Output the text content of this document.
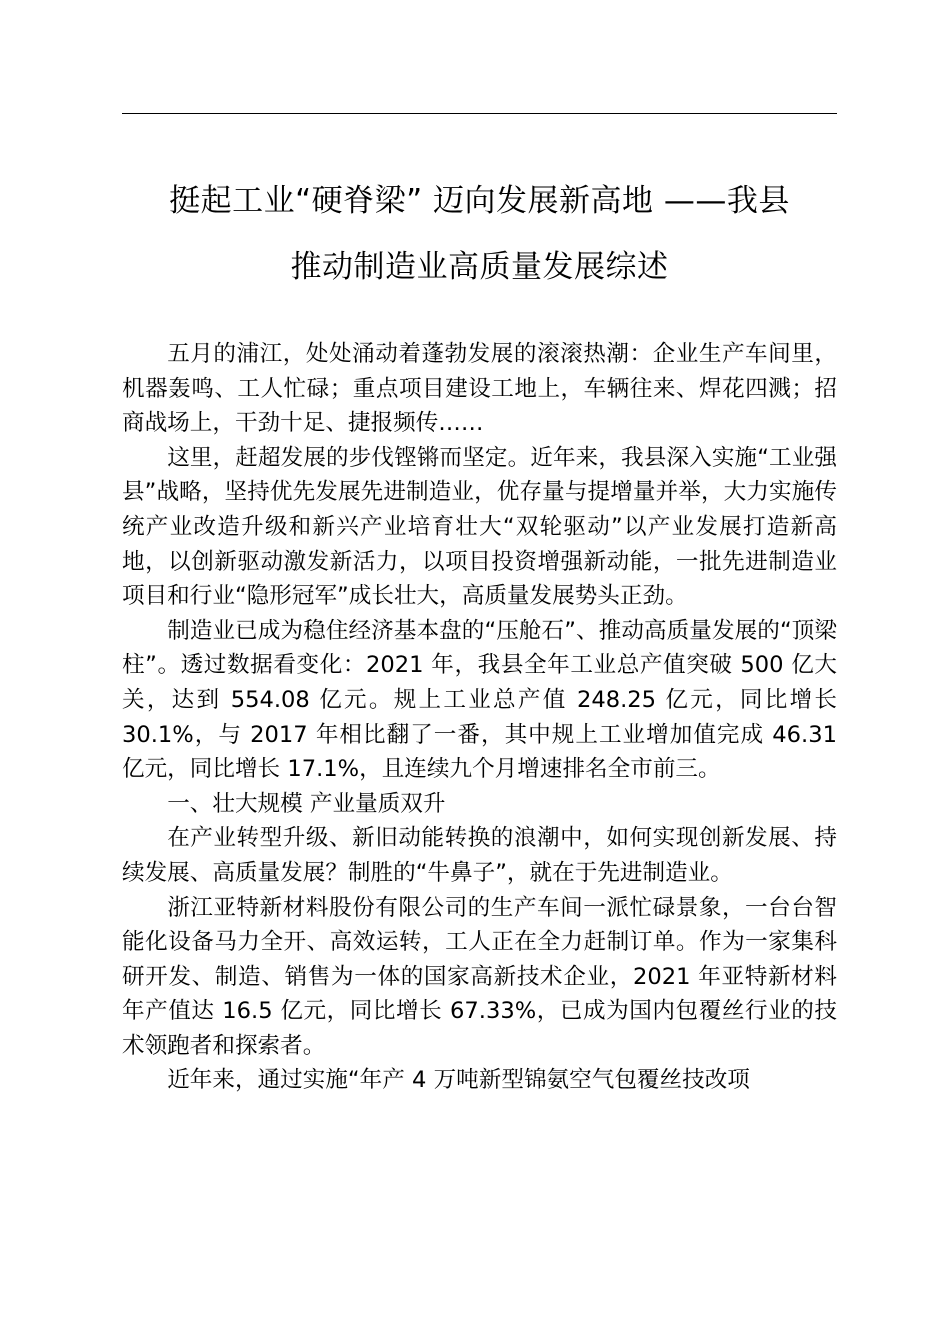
挺起工业“硬脊梁” 迈向发展新高地 ——我县
推动制造业高质量发展综述

五月的浦江，处处涌动着蓬勃发展的滚滚热潮：企业生产车间里，机器轰鸣、工人忙碌；重点项目建设工地上，车辆往来、焊花四溅；招商战场上，干劲十足、捷报频传……

这里，赶超发展的步伐铿锵而坚定。近年来，我县深入实施“工业强县”战略，坚持优先发展先进制造业，优存量与提增量并举，大力实施传统产业改造升级和新兴产业培育壮大“双轮驱动”以产业发展打造新高地，以创新驱动激发新活力，以项目投资增强新动能，一批先进制造业项目和行业“隐形冠军”成长壮大，高质量发展势头正劲。

制造业已成为稳住经济基本盘的“压舱石”、推动高质量发展的“顶梁柱”。透过数据看变化：2021 年，我县全年工业总产值突破 500 亿大关，达到 554.08 亿元。规上工业总产值 248.25 亿元，同比增长 30.1%，与 2017 年相比翻了一番，其中规上工业增加值完成 46.31 亿元，同比增长 17.1%，且连续九个月增速排名全市前三。

一、壮大规模 产业量质双升

在产业转型升级、新旧动能转换的浪潮中，如何实现创新发展、持续发展、高质量发展？制胜的“牛鼻子”，就在于先进制造业。

浙江亚特新材料股份有限公司的生产车间一派忙碌景象，一台台智能化设备马力全开、高效运转，工人正在全力赶制订单。作为一家集科研开发、制造、销售为一体的国家高新技术企业，2021 年亚特新材料年产值达 16.5 亿元，同比增长 67.33%，已成为国内包覆丝行业的技术领跑者和探索者。

近年来，通过实施“年产 4 万吨新型锦氨空气包覆丝技改项
